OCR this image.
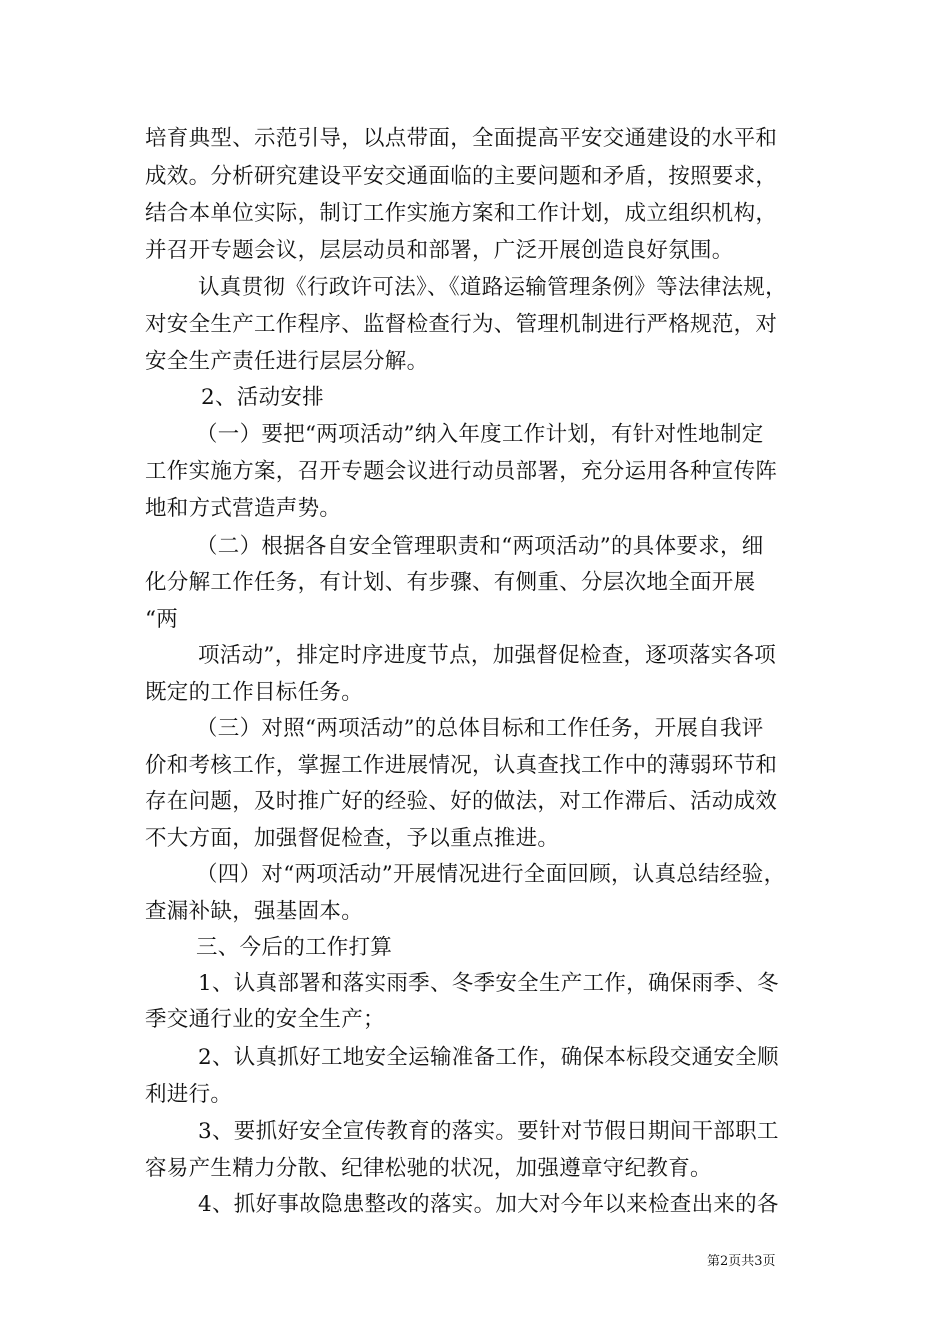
培育典型、示范引导，以点带面，全面提高平安交通建设的水平和
成效。分析研究建设平安交通面临的主要问题和矛盾，按照要求，
结合本单位实际，制订工作实施方案和工作计划，成立组织机构，
并召开专题会议，层层动员和部署，广泛开展创造良好氛围。
认真贯彻《行政许可法》、《道路运输管理条例》等法律法规，
对安全生产工作程序、监督检查行为、管理机制进行严格规范，对
安全生产责任进行层层分解。
2、活动安排
（一）要把“两项活动”纳入年度工作计划，有针对性地制定
工作实施方案，召开专题会议进行动员部署，充分运用各种宣传阵
地和方式营造声势。
（二）根据各自安全管理职责和“两项活动”的具体要求，细
化分解工作任务，有计划、有步骤、有侧重、分层次地全面开展
“两
项活动”，排定时序进度节点，加强督促检查，逐项落实各项
既定的工作目标任务。
（三）对照“两项活动”的总体目标和工作任务，开展自我评
价和考核工作，掌握工作进展情况，认真查找工作中的薄弱环节和
存在问题，及时推广好的经验、好的做法，对工作滞后、活动成效
不大方面，加强督促检查，予以重点推进。
（四）对“两项活动”开展情况进行全面回顾，认真总结经验，
查漏补缺，强基固本。
三、今后的工作打算
1、认真部署和落实雨季、冬季安全生产工作，确保雨季、冬
季交通行业的安全生产；
2、认真抓好工地安全运输准备工作，确保本标段交通安全顺
利进行。
3、要抓好安全宣传教育的落实。要针对节假日期间干部职工
容易产生精力分散、纪律松驰的状况，加强遵章守纪教育。
4、抓好事故隐患整改的落实。加大对今年以来检查出来的各
第2页共3页
